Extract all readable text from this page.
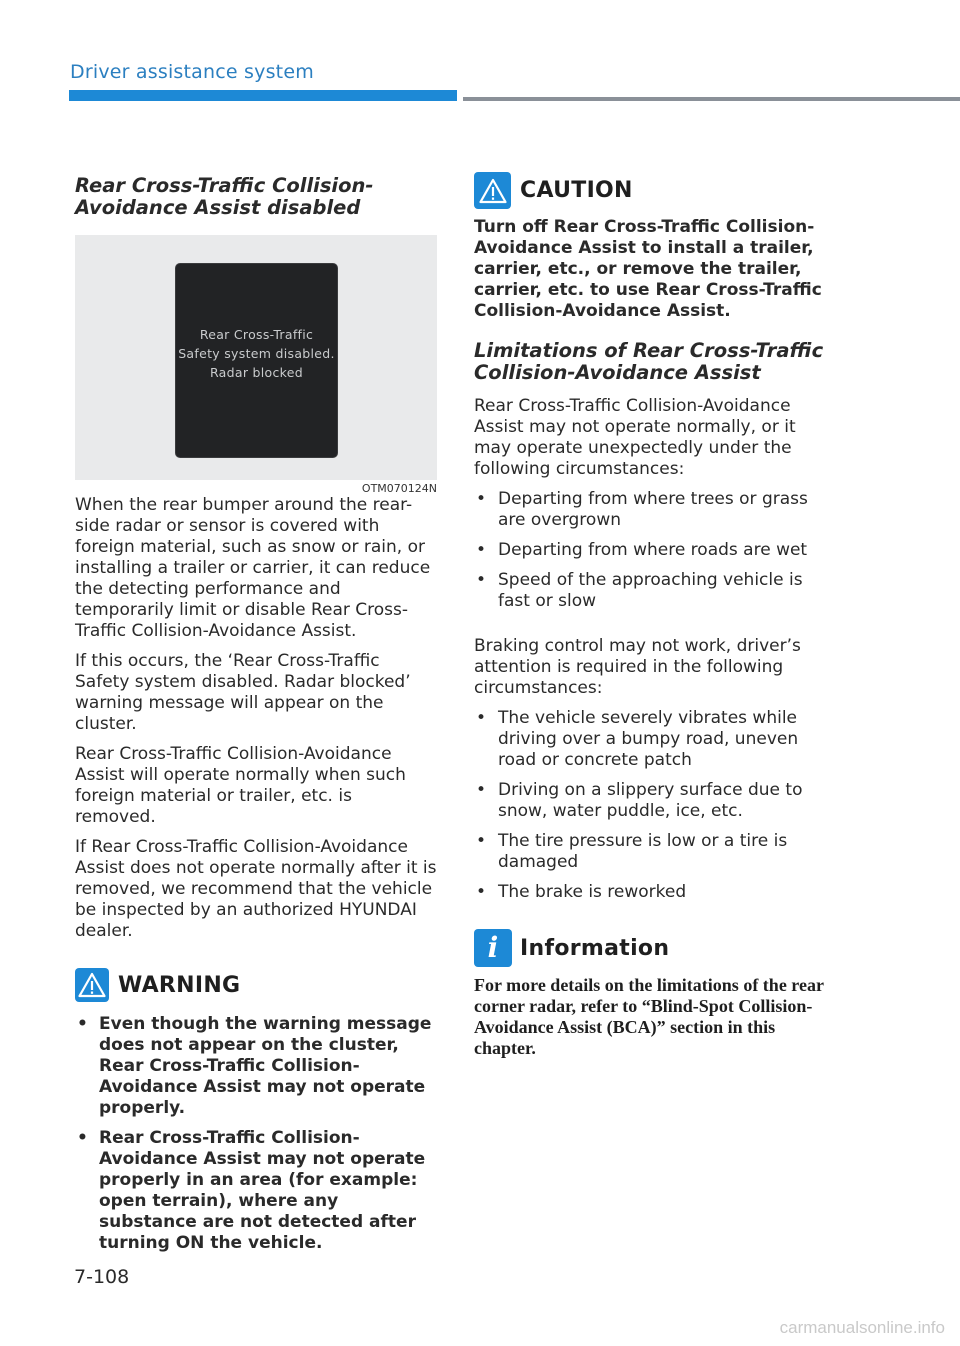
Driver assistance system
Rear Cross-Traffic Collision-Avoidance Assist disabled
Rear Cross-Traffic
Safety system disabled.
Radar blocked
OTM070124N

When the rear bumper around the rear-side radar or sensor is covered with foreign material, such as snow or rain, or installing a trailer or carrier, it can reduce the detecting performance and temporarily limit or disable Rear Cross-Traffic Collision-Avoidance Assist.

If this occurs, the ‘Rear Cross-Traffic Safety system disabled. Radar blocked’ warning message will appear on the cluster.

Rear Cross-Traffic Collision-Avoidance Assist will operate normally when such foreign material or trailer, etc. is removed.

If Rear Cross-Traffic Collision-Avoidance Assist does not operate normally after it is removed, we recommend that the vehicle be inspected by an authorized HYUNDAI dealer.

WARNING
• Even though the warning message does not appear on the cluster, Rear Cross-Traffic Collision-Avoidance Assist may not operate properly.
• Rear Cross-Traffic Collision-Avoidance Assist may not operate properly in an area (for example: open terrain), where any substance are not detected after turning ON the vehicle.
CAUTION

Turn off Rear Cross-Traffic Collision-Avoidance Assist to install a trailer, carrier, etc., or remove the trailer, carrier, etc. to use Rear Cross-Traffic Collision-Avoidance Assist.

Limitations of Rear Cross-Traffic Collision-Avoidance Assist

Rear Cross-Traffic Collision-Avoidance Assist may not operate normally, or it may operate unexpectedly under the following circumstances:

• Departing from where trees or grass are overgrown
• Departing from where roads are wet
• Speed of the approaching vehicle is fast or slow

Braking control may not work, driver’s attention is required in the following circumstances:

• The vehicle severely vibrates while driving over a bumpy road, uneven road or concrete patch
• Driving on a slippery surface due to snow, water puddle, ice, etc.
• The tire pressure is low or a tire is damaged
• The brake is reworked
i Information

For more details on the limitations of the rear corner radar, refer to “Blind-Spot Collision-Avoidance Assist (BCA)” section in this chapter.

7-108
carmanualsonline.info
